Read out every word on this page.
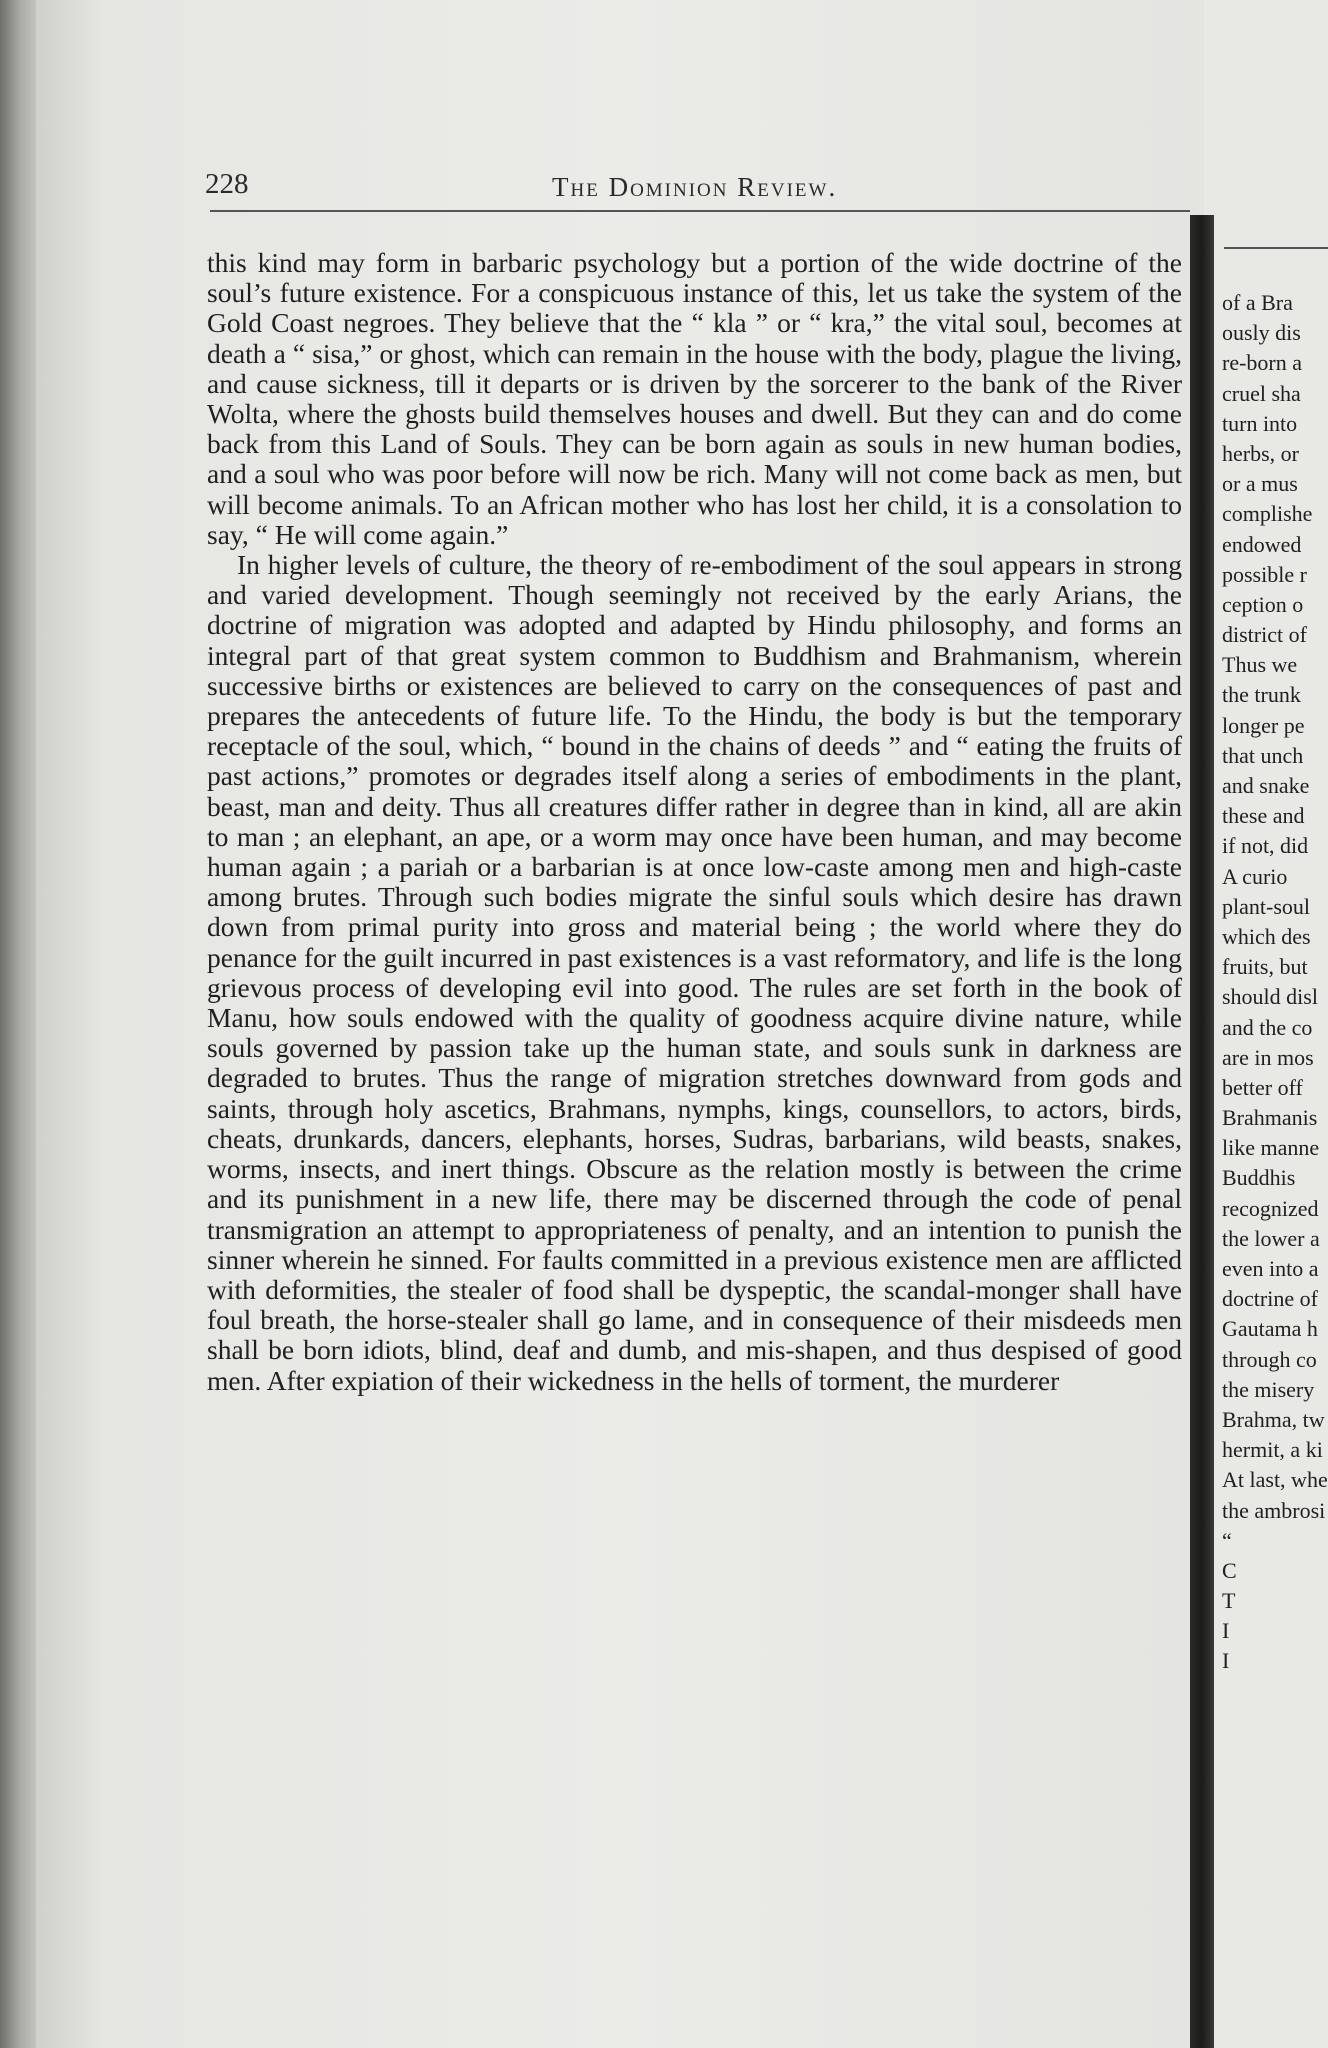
228	The Dominion Review.

this kind may form in barbaric psychology but a portion of the wide doctrine of the soul’s future existence. For a conspicuous instance of this, let us take the system of the Gold Coast negroes. They believe that the “ kla ” or “ kra,” the vital soul, becomes at death a “ sisa,” or ghost, which can remain in the house with the body, plague the living, and cause sickness, till it departs or is driven by the sorcerer to the bank of the River Wolta, where the ghosts build themselves houses and dwell. But they can and do come back from this Land of Souls. They can be born again as souls in new human bodies, and a soul who was poor before will now be rich. Many will not come back as men, but will become animals. To an African mother who has lost her child, it is a consolation to say, “ He will come again.”

In higher levels of culture, the theory of re-embodiment of the soul appears in strong and varied development. Though seemingly not received by the early Arians, the doctrine of migration was adopted and adapted by Hindu philosophy, and forms an integral part of that great system common to Buddhism and Brahmanism, wherein successive births or existences are believed to carry on the consequences of past and prepares the antecedents of future life. To the Hindu, the body is but the temporary receptacle of the soul, which, “ bound in the chains of deeds ” and “ eating the fruits of past actions,” promotes or degrades itself along a series of embodiments in the plant, beast, man and deity. Thus all creatures differ rather in degree than in kind, all are akin to man ; an elephant, an ape, or a worm may once have been human, and may become human again ; a pariah or a barbarian is at once low-caste among men and high-caste among brutes. Through such bodies migrate the sinful souls which desire has drawn down from primal purity into gross and material being ; the world where they do penance for the guilt incurred in past existences is a vast reformatory, and life is the long grievous process of developing evil into good. The rules are set forth in the book of Manu, how souls endowed with the quality of goodness acquire divine nature, while souls governed by passion take up the human state, and souls sunk in darkness are degraded to brutes. Thus the range of migration stretches downward from gods and saints, through holy ascetics, Brahmans, nymphs, kings, counsellors, to actors, birds, cheats, drunkards, dancers, elephants, horses, Sudras, barbarians, wild beasts, snakes, worms, insects, and inert things. Obscure as the relation mostly is between the crime and its punishment in a new life, there may be discerned through the code of penal transmigration an attempt to appropriateness of penalty, and an intention to punish the sinner wherein he sinned. For faults committed in a previous existence men are afflicted with deformities, the stealer of food shall be dyspeptic, the scandal-monger shall have foul breath, the horse-stealer shall go lame, and in consequence of their misdeeds men shall be born idiots, blind, deaf and dumb, and mis-shapen, and thus despised of good men. After expiation of their wickedness in the hells of torment, the murderer

of a Bra
ously dis
re-born a
cruel sha
turn into
herbs, or
or a mus
complishe
endowed
possible r
ception o
district of
Thus we
the trunk
longer pe
that unch
and snake
these and
if not, did
A curio
plant-soul
which des
fruits, but
should disl
and the co
are in mos
better off
Brahmanis
like manne
Buddhis
recognized
the lower a
even into a
doctrine of
Gautama h
through co
the misery
Brahma, tw
hermit, a ki
At last, whe
the ambrosi
“
C
T
I
I
